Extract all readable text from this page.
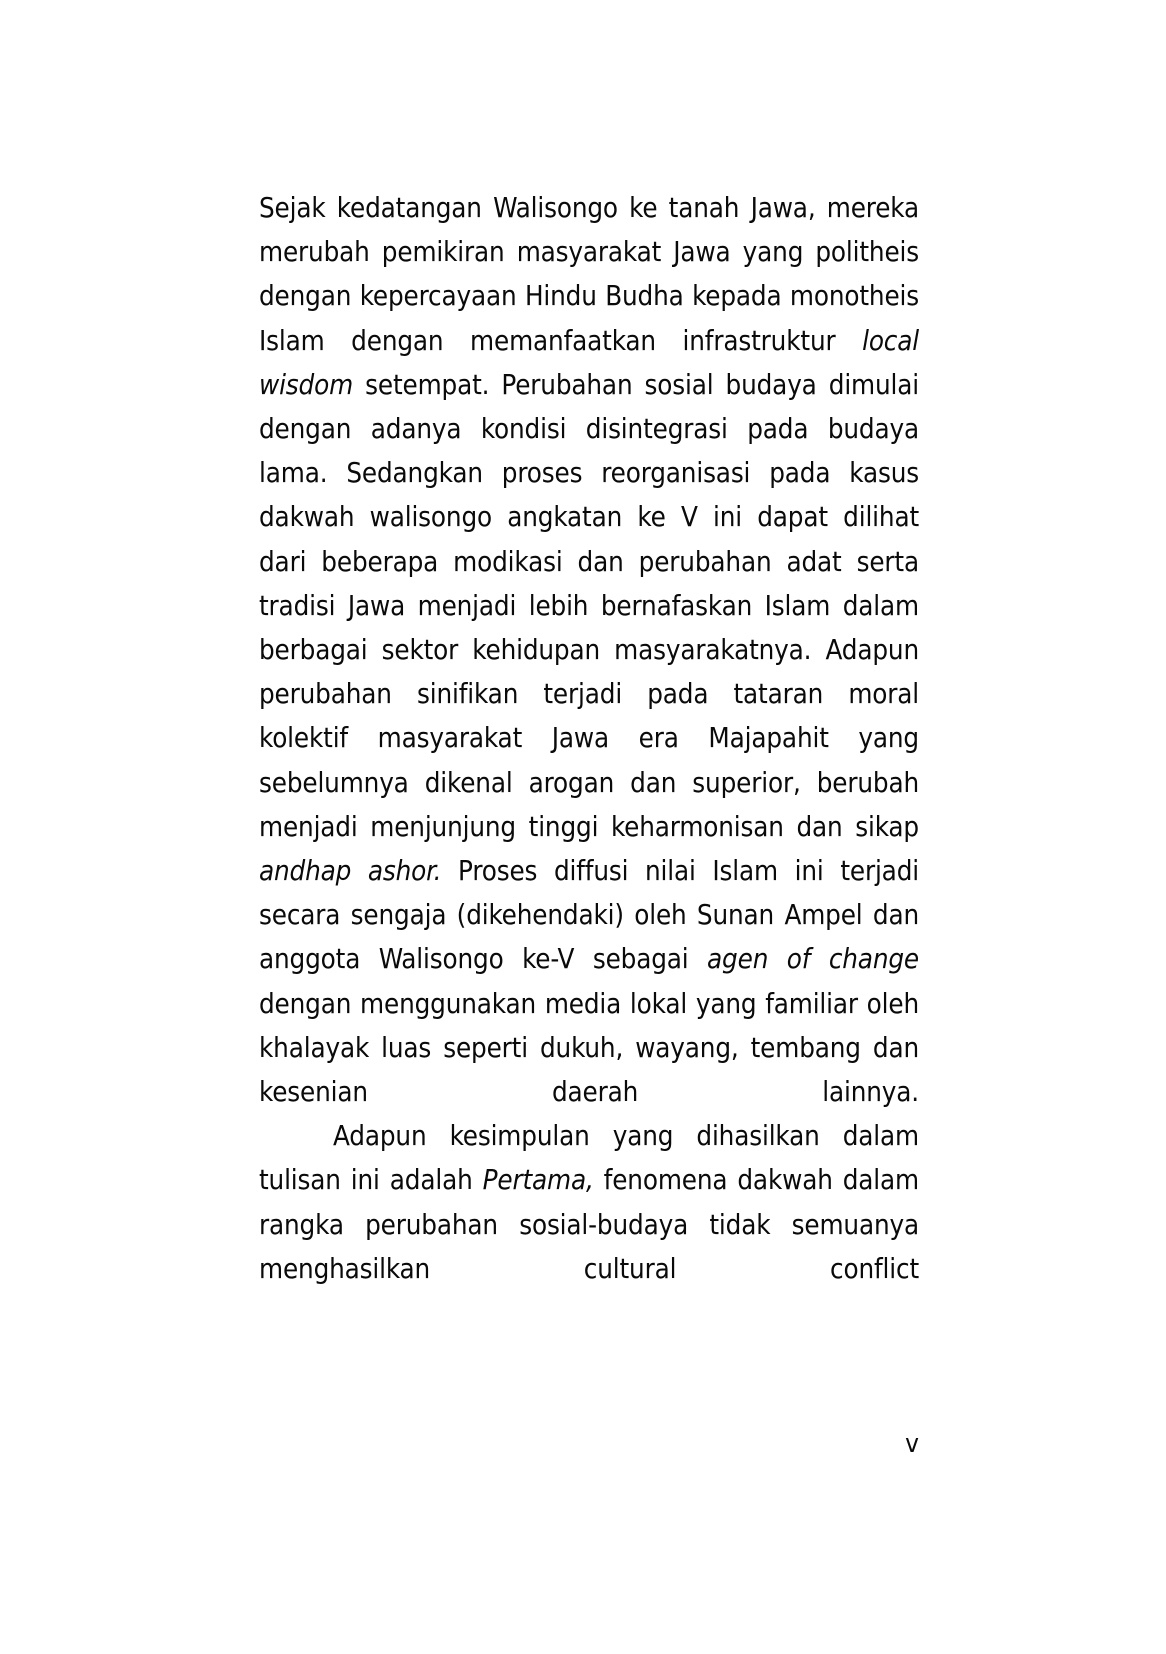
Sejak kedatangan Walisongo ke tanah Jawa, mereka merubah pemikiran masyarakat Jawa yang politheis dengan kepercayaan Hindu Budha kepada monotheis Islam dengan memanfaatkan infrastruktur local wisdom setempat. Perubahan sosial budaya dimulai dengan adanya kondisi disintegrasi pada budaya lama. Sedangkan proses reorganisasi pada kasus dakwah walisongo angkatan ke V ini dapat dilihat dari beberapa modikasi dan perubahan adat serta tradisi Jawa menjadi lebih bernafaskan Islam dalam berbagai sektor kehidupan masyarakatnya. Adapun perubahan sinifikan terjadi pada tataran moral kolektif masyarakat Jawa era Majapahit yang sebelumnya dikenal arogan dan superior, berubah menjadi menjunjung tinggi keharmonisan dan sikap andhap ashor. Proses diffusi nilai Islam ini terjadi secara sengaja (dikehendaki) oleh Sunan Ampel dan anggota Walisongo ke-V sebagai agen of change dengan menggunakan media lokal yang familiar oleh khalayak luas seperti dukuh, wayang, tembang dan kesenian daerah lainnya.

Adapun kesimpulan yang dihasilkan dalam tulisan ini adalah Pertama, fenomena dakwah dalam rangka perubahan sosial-budaya tidak semuanya menghasilkan cultural conflict

v
